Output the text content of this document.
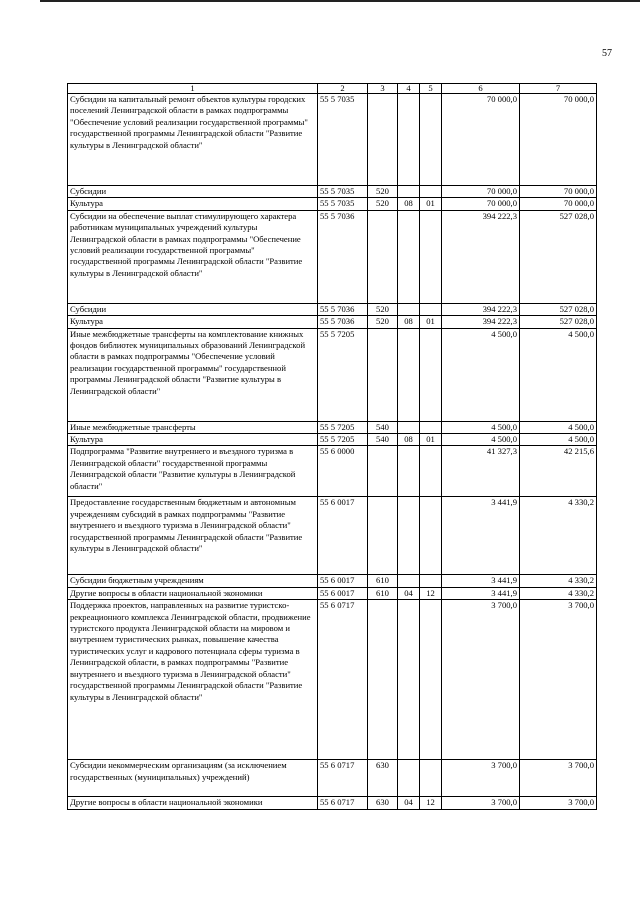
57
1	2	3	4	5	6	7
Субсидии на капитальный ремонт объектов культуры городских поселений Ленинградской области в рамках подпрограммы "Обеспечение условий реализации государственной программы" государственной программы Ленинградской области "Развитие культуры в Ленинградской области"	55 5 7035				70 000,0	70 000,0
Субсидии	55 5 7035	520			70 000,0	70 000,0
Культура	55 5 7035	520	08	01	70 000,0	70 000,0
Субсидии на обеспечение выплат стимулирующего характера работникам муниципальных учреждений культуры Ленинградской области в рамках подпрограммы "Обеспечение условий реализации государственной программы" государственной программы Ленинградской области "Развитие культуры в Ленинградской области"	55 5 7036				394 222,3	527 028,0
Субсидии	55 5 7036	520			394 222,3	527 028,0
Культура	55 5 7036	520	08	01	394 222,3	527 028,0
Иные межбюджетные трансферты на комплектование книжных фондов библиотек муниципальных образований Ленинградской области в рамках подпрограммы "Обеспечение условий реализации государственной программы" государственной программы Ленинградской области "Развитие культуры в Ленинградской области"	55 5 7205				4 500,0	4 500,0
Иные межбюджетные трансферты	55 5 7205	540			4 500,0	4 500,0
Культура	55 5 7205	540	08	01	4 500,0	4 500,0
Подпрограмма "Развитие внутреннего и въездного туризма в Ленинградской области" государственной программы Ленинградской области "Развитие культуры в Ленинградской области"	55 6 0000				41 327,3	42 215,6
Предоставление государственным бюджетным и автономным учреждениям субсидий в рамках подпрограммы "Развитие внутреннего и въездного туризма в Ленинградской области" государственной программы Ленинградской области "Развитие культуры в Ленинградской области"	55 6 0017				3 441,9	4 330,2
Субсидии бюджетным учреждениям	55 6 0017	610			3 441,9	4 330,2
Другие вопросы в области национальной экономики	55 6 0017	610	04	12	3 441,9	4 330,2
Поддержка проектов, направленных на развитие туристско-рекреационного комплекса Ленинградской области, продвижение туристского продукта Ленинградской области на мировом и внутреннем туристических рынках, повышение качества туристических услуг и кадрового потенциала сферы туризма в Ленинградской области, в рамках подпрограммы "Развитие внутреннего и въездного туризма в Ленинградской области" государственной программы Ленинградской области "Развитие культуры в Ленинградской области"	55 6 0717				3 700,0	3 700,0
Субсидии некоммерческим организациям (за исключением государственных (муниципальных) учреждений)	55 6 0717	630			3 700,0	3 700,0
Другие вопросы в области национальной экономики	55 6 0717	630	04	12	3 700,0	3 700,0
